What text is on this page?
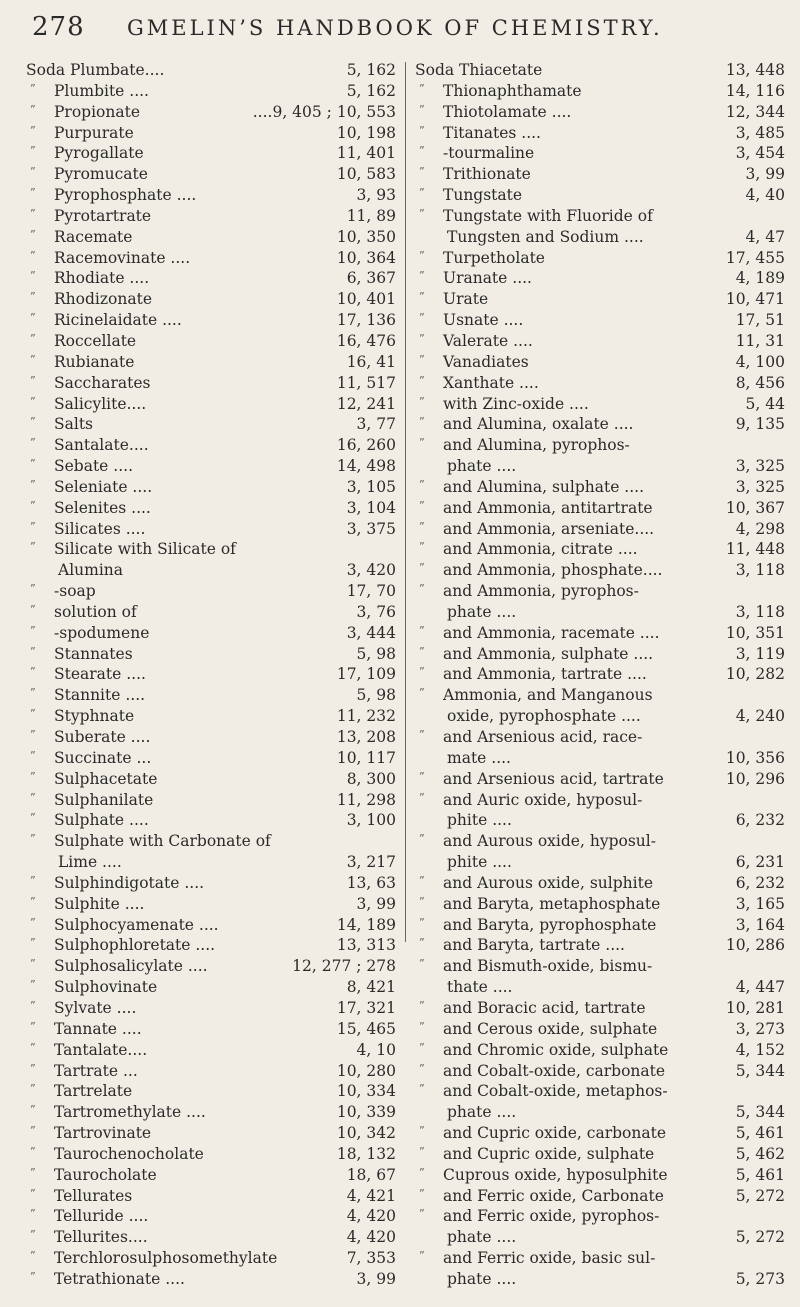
278 GMELIN’S HANDBOOK OF CHEMISTRY.
Soda Plumbate....	5, 162
” Plumbite ....	5, 162
” Propionate	....9, 405 ; 10, 553
” Purpurate	10, 198
” Pyrogallate	11, 401
” Pyromucate	10, 583
” Pyrophosphate ....	3, 93
” Pyrotartrate	11, 89
” Racemate	10, 350
” Racemovinate ....	10, 364
” Rhodiate ....	6, 367
” Rhodizonate	10, 401
” Ricinelaidate ....	17, 136
” Roccellate	16, 476
” Rubianate	16, 41
” Saccharates	11, 517
” Salicylite....	12, 241
” Salts	3, 77
” Santalate....	16, 260
” Sebate ....	14, 498
” Seleniate ....	3, 105
” Selenites ....	3, 104
” Silicates ....	3, 375
” Silicate with Silicate of
Alumina	3, 420
” -soap	17, 70
” solution of	3, 76
” -spodumene	3, 444
” Stannates	5, 98
” Stearate ....	17, 109
” Stannite ....	5, 98
” Styphnate	11, 232
” Suberate ....	13, 208
” Succinate ...	10, 117
” Sulphacetate	8, 300
” Sulphanilate	11, 298
” Sulphate ....	3, 100
” Sulphate with Carbonate of
Lime ....	3, 217
” Sulphindigotate ....	13, 63
” Sulphite ....	3, 99
” Sulphocyamenate ....	14, 189
” Sulphophloretate ....	13, 313
” Sulphosalicylate ....	12, 277 ; 278
” Sulphovinate	8, 421
” Sylvate ....	17, 321
” Tannate ....	15, 465
” Tantalate....	4, 10
” Tartrate ...	10, 280
” Tartrelate	10, 334
” Tartromethylate ....	10, 339
” Tartrovinate	10, 342
” Taurochenocholate	18, 132
” Taurocholate	18, 67
” Tellurates	4, 421
” Telluride ....	4, 420
” Tellurites....	4, 420
” Terchlorosulphosomethylate	7, 353
” Tetrathionate ....	3, 99
Soda Thiacetate	13, 448
” Thionaphthamate	14, 116
” Thiotolamate ....	12, 344
” Titanates ....	3, 485
” -tourmaline	3, 454
” Trithionate	3, 99
” Tungstate	4, 40
” Tungstate with Fluoride of
Tungsten and Sodium ....	4, 47
” Turpetholate	17, 455
” Uranate ....	4, 189
” Urate	10, 471
” Usnate ....	17, 51
” Valerate ....	11, 31
” Vanadiates	4, 100
” Xanthate ....	8, 456
” with Zinc-oxide ....	5, 44
” and Alumina, oxalate ....	9, 135
” and Alumina, pyrophos-
phate ....	3, 325
” and Alumina, sulphate ....	3, 325
” and Ammonia, antitartrate	10, 367
” and Ammonia, arseniate....	4, 298
” and Ammonia, citrate ....	11, 448
” and Ammonia, phosphate....	3, 118
” and Ammonia, pyrophos-
phate ....	3, 118
” and Ammonia, racemate ....	10, 351
” and Ammonia, sulphate ....	3, 119
” and Ammonia, tartrate ....	10, 282
” Ammonia, and Manganous
oxide, pyrophosphate ....	4, 240
” and Arsenious acid, race-
mate ....	10, 356
” and Arsenious acid, tartrate	10, 296
” and Auric oxide, hyposul-
phite ....	6, 232
” and Aurous oxide, hyposul-
phite ....	6, 231
” and Aurous oxide, sulphite	6, 232
” and Baryta, metaphosphate	3, 165
” and Baryta, pyrophosphate	3, 164
” and Baryta, tartrate ....	10, 286
” and Bismuth-oxide, bismu-
thate ....	4, 447
” and Boracic acid, tartrate	10, 281
” and Cerous oxide, sulphate	3, 273
” and Chromic oxide, sulphate	4, 152
” and Cobalt-oxide, carbonate	5, 344
” and Cobalt-oxide, metaphos-
phate ....	5, 344
” and Cupric oxide, carbonate	5, 461
” and Cupric oxide, sulphate	5, 462
” Cuprous oxide, hyposulphite	5, 461
” and Ferric oxide, Carbonate	5, 272
” and Ferric oxide, pyrophos-
phate ....	5, 272
” and Ferric oxide, basic sul-
phate ....	5, 273
